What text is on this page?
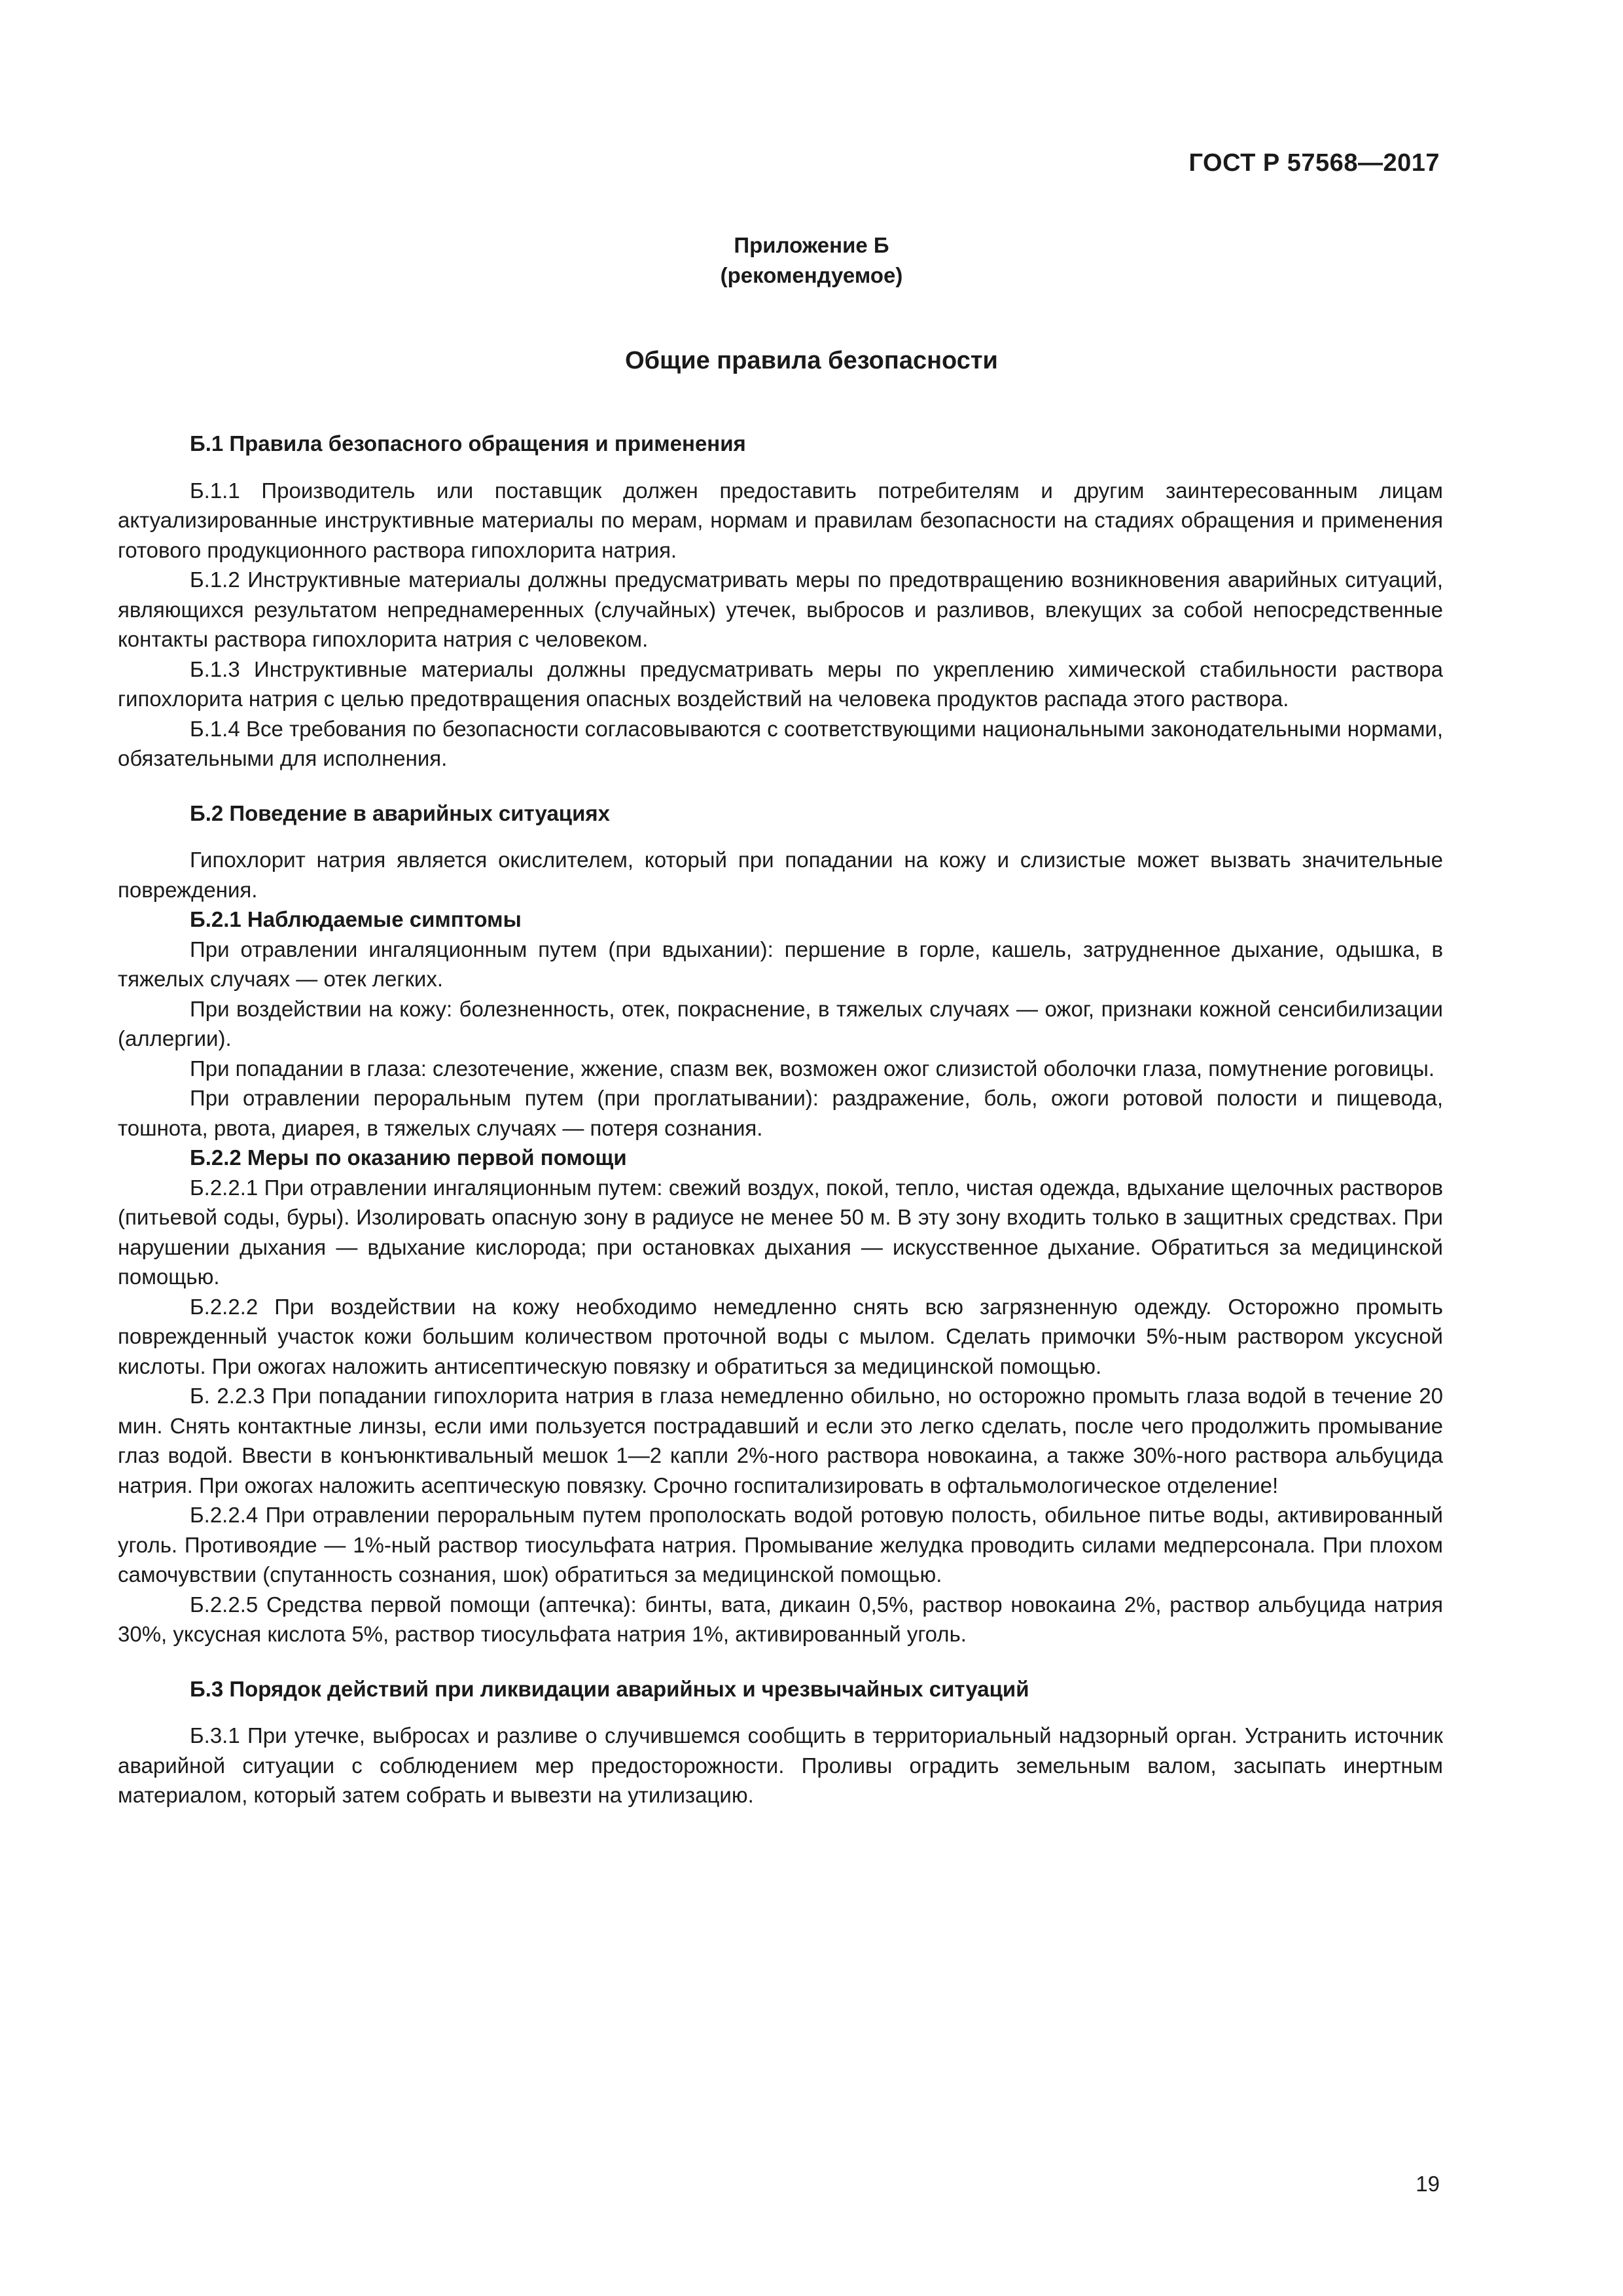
ГОСТ Р 57568—2017
Приложение Б
(рекомендуемое)
Общие правила безопасности
Б.1 Правила безопасного обращения и применения

Б.1.1 Производитель или поставщик должен предоставить потребителям и другим заинтересованным лицам актуализированные инструктивные материалы по мерам, нормам и правилам безопасности на стадиях обращения и применения готового продукционного раствора гипохлорита натрия.

Б.1.2 Инструктивные материалы должны предусматривать меры по предотвращению возникновения аварийных ситуаций, являющихся результатом непреднамеренных (случайных) утечек, выбросов и разливов, влекущих за собой непосредственные контакты раствора гипохлорита натрия с человеком.

Б.1.3 Инструктивные материалы должны предусматривать меры по укреплению химической стабильности раствора гипохлорита натрия с целью предотвращения опасных воздействий на человека продуктов распада этого раствора.

Б.1.4 Все требования по безопасности согласовываются с соответствующими национальными законодательными нормами, обязательными для исполнения.

Б.2 Поведение в аварийных ситуациях

Гипохлорит натрия является окислителем, который при попадании на кожу и слизистые может вызвать значительные повреждения.

Б.2.1 Наблюдаемые симптомы

При отравлении ингаляционным путем (при вдыхании): першение в горле, кашель, затрудненное дыхание, одышка, в тяжелых случаях — отек легких.

При воздействии на кожу: болезненность, отек, покраснение, в тяжелых случаях — ожог, признаки кожной сенсибилизации (аллергии).

При попадании в глаза: слезотечение, жжение, спазм век, возможен ожог слизистой оболочки глаза, помутнение роговицы.

При отравлении пероральным путем (при проглатывании): раздражение, боль, ожоги ротовой полости и пищевода, тошнота, рвота, диарея, в тяжелых случаях — потеря сознания.

Б.2.2 Меры по оказанию первой помощи

Б.2.2.1 При отравлении ингаляционным путем: свежий воздух, покой, тепло, чистая одежда, вдыхание щелочных растворов (питьевой соды, буры). Изолировать опасную зону в радиусе не менее 50 м. В эту зону входить только в защитных средствах. При нарушении дыхания — вдыхание кислорода; при остановках дыхания — искусственное дыхание. Обратиться за медицинской помощью.

Б.2.2.2 При воздействии на кожу необходимо немедленно снять всю загрязненную одежду. Осторожно промыть поврежденный участок кожи большим количеством проточной воды с мылом. Сделать примочки 5%-ным раствором уксусной кислоты. При ожогах наложить антисептическую повязку и обратиться за медицинской помощью.

Б. 2.2.3 При попадании гипохлорита натрия в глаза немедленно обильно, но осторожно промыть глаза водой в течение 20 мин. Снять контактные линзы, если ими пользуется пострадавший и если это легко сделать, после чего продолжить промывание глаз водой. Ввести в конъюнктивальный мешок 1—2 капли 2%-ного раствора новокаина, а также 30%-ного раствора альбуцида натрия. При ожогах наложить асептическую повязку. Срочно госпитализировать в офтальмологическое отделение!

Б.2.2.4 При отравлении пероральным путем прополоскать водой ротовую полость, обильное питье воды, активированный уголь. Противоядие — 1%-ный раствор тиосульфата натрия. Промывание желудка проводить силами медперсонала. При плохом самочувствии (спутанность сознания, шок) обратиться за медицинской помощью.

Б.2.2.5 Средства первой помощи (аптечка): бинты, вата, дикаин 0,5%, раствор новокаина 2%, раствор альбуцида натрия 30%, уксусная кислота 5%, раствор тиосульфата натрия 1%, активированный уголь.

Б.3 Порядок действий при ликвидации аварийных и чрезвычайных ситуаций

Б.3.1 При утечке, выбросах и разливе о случившемся сообщить в территориальный надзорный орган. Устранить источник аварийной ситуации с соблюдением мер предосторожности. Проливы оградить земельным валом, засыпать инертным материалом, который затем собрать и вывезти на утилизацию.

19
